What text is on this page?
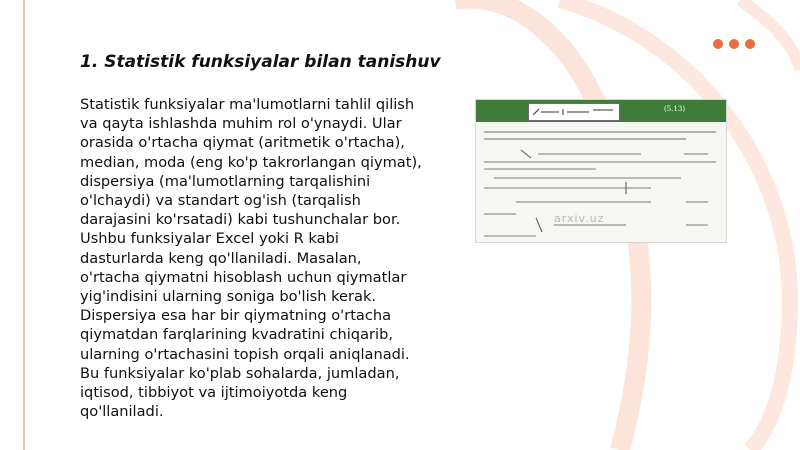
1. Statistik funksiyalar bilan tanishuv
Statistik funksiyalar ma'lumotlarni tahlil qilish va qayta ishlashda muhim rol o'ynaydi. Ular orasida o'rtacha qiymat (aritmetik o'rtacha), median, moda (eng ko'p takrorlangan qiymat), dispersiya (ma'lumotlarning tarqalishini o'lchaydi) va standart og'ish (tarqalish darajasini ko'rsatadi) kabi tushunchalar bor. Ushbu funksiyalar Excel yoki R kabi dasturlarda keng qo'llaniladi. Masalan, o'rtacha qiymatni hisoblash uchun qiymatlar yig'indisini ularning soniga bo'lish kerak. Dispersiya esa har bir qiymatning o'rtacha qiymatdan farqlarining kvadratini chiqarib, ularning o'rtachasini topish orqali aniqlanadi. Bu funksiyalar ko'plab sohalarda, jumladan, iqtisod, tibbiyot va ijtimoiyotda keng qo'llaniladi.
(5.13)
arxiv.uz
